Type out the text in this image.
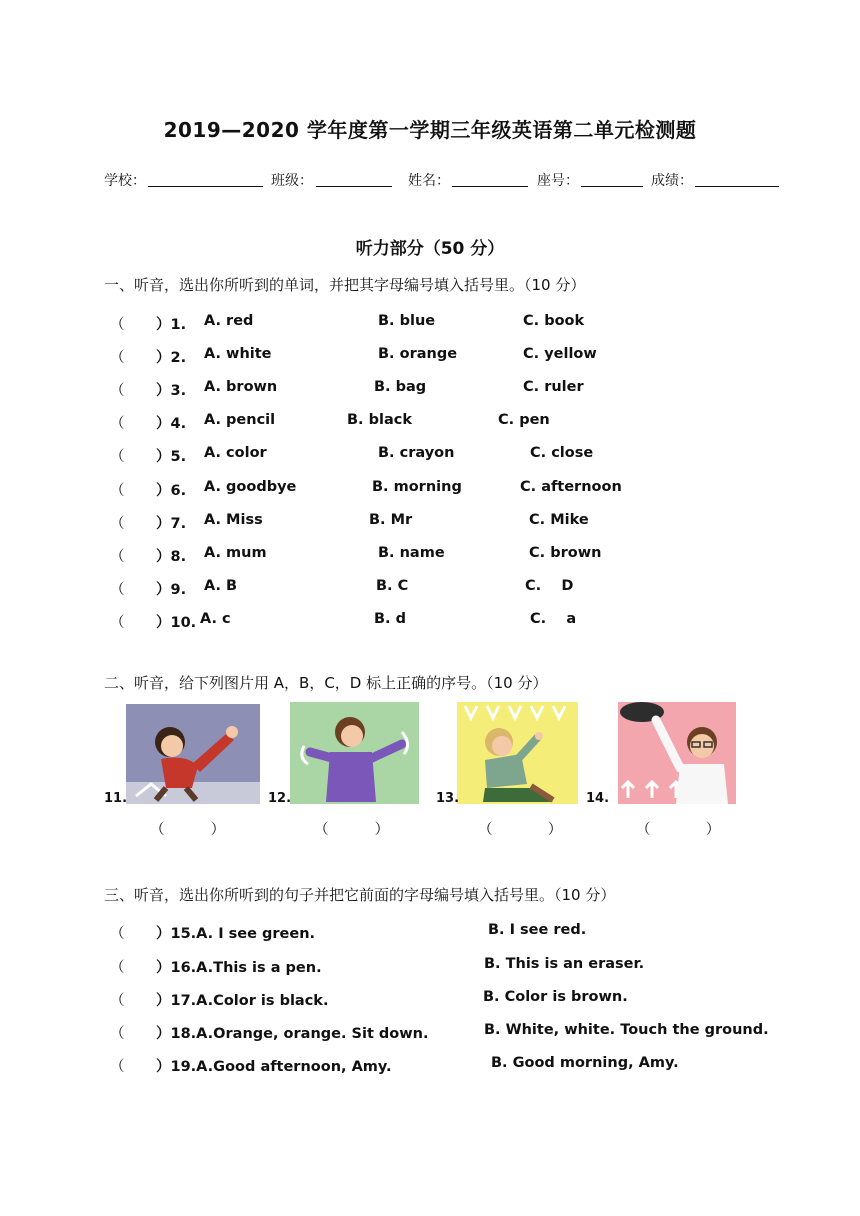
2019—2020 学年度第一学期三年级英语第二单元检测题
学校：	班级：	姓名：	座号：	成绩：
听力部分（50 分）
一、听音，选出你所听到的单词，并把其字母编号填入括号里。（10 分）
（ ）1. A. red	B. blue	C. book
（ ）2. A. white	B. orange	C. yellow
（ ）3. A. brown	B. bag	C. ruler
（ ）4. A. pencil	B. black	C. pen
（ ）5. A. color	B. crayon	C. close
（ ）6. A. goodbye	B. morning	C. afternoon
（ ）7. A. Miss	B. Mr	C. Mike
（ ）8. A. mum	B. name	C. brown
（ ）9. A. B	B. C	C.    D
（ ）10. A. c	B. d	C.    a
二、听音，给下列图片用 A，B，C，D 标上正确的序号。（10 分）
11.
（          ）
12.
（          ）
13.
（            ）
14.
（            ）
三、听音，选出你所听到的句子并把它前面的字母编号填入括号里。（10 分）
（ ）15.A. I see green.	B. I see red.
（ ）16.A.This is a pen.	B. This is an eraser.
（ ）17.A.Color is black.	B. Color is brown.
（ ）18.A.Orange, orange. Sit down.	B. White, white. Touch the ground.
（ ）19.A.Good afternoon, Amy.	B. Good morning, Amy.
